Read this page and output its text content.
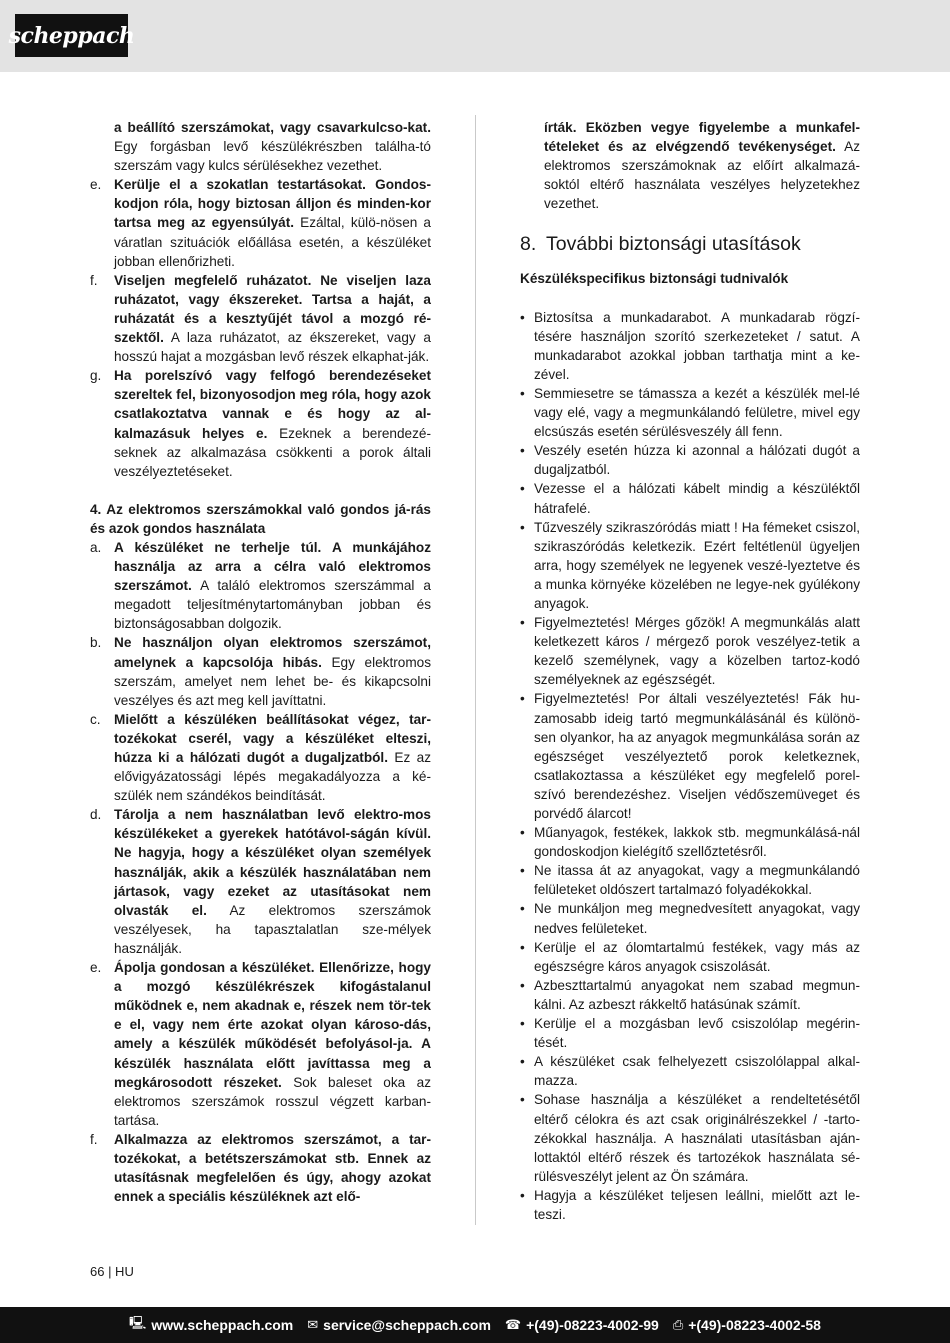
scheppach

a beállító szerszámokat, vagy csavarkulcso-kat. Egy forgásban levő készülékrészben találha-tó szerszám vagy kulcs sérülésekhez vezethet.

e. Kerülje el a szokatlan testartásokat. Gondos-kodjon róla, hogy biztosan álljon és minden-kor tartsa meg az egyensúlyát. Ezáltal, külö-nösen a váratlan szituációk előállása esetén, a készüléket jobban ellenőrizheti.
f.	Viseljen megfelelő ruházatot. Ne viseljen laza ruházatot, vagy ékszereket. Tartsa a haját, a ruházatát és a kesztyűjét távol a mozgó ré-szektől. A laza ruházatot, az ékszereket, vagy a hosszú hajat a mozgásban levő részek elkaphat-ják.
g. Ha porelszívó vagy felfogó berendezéseket szereltek fel, bizonyosodjon meg róla, hogy azok csatlakoztatva vannak e és hogy az al-kalmazásuk helyes e. Ezeknek a berendezé-seknek az alkalmazása csökkenti a porok általi veszélyeztetéseket.

4. Az elektromos szerszámokkal való gondos já-rás és azok gondos használata

a. A készüléket ne terhelje túl. A munkájához használja az arra a célra való elektromos szerszámot. A találó elektromos szerszámmal a megadott teljesítménytartományban jobban és biztonságosabban dolgozik.
b. Ne használjon olyan elektromos szerszámot, amelynek a kapcsolója hibás. Egy elektromos szerszám, amelyet nem lehet be- és kikapcsolni veszélyes és azt meg kell javíttatni.
c. Mielőtt a készüléken beállításokat végez, tar-tozékokat cserél, vagy a készüléket elteszi, húzza ki a hálózati dugót a dugaljzatból. Ez az elővigyázatossági lépés megakadályozza a ké-szülék nem szándékos beindítását.
d. Tárolja a nem használatban levő elektro-mos készülékeket a gyerekek hatótávol-ságán kívül. Ne hagyja, hogy a készüléket olyan személyek használják, akik a készülék használatában nem jártasok, vagy ezeket az utasításokat nem olvasták el. Az elektromos szerszámok veszélyesek, ha tapasztalatlan sze-mélyek használják.
e. Ápolja gondosan a készüléket. Ellenőrizze, hogy a mozgó készülékrészek kifogástalanul működnek e, nem akadnak e, részek nem tör-tek e el, vagy nem érte azokat olyan károso-dás, amely a készülék működését befolyásol-ja. A készülék használata előtt javíttassa meg a megkárosodott részeket. Sok baleset oka az elektromos szerszámok rosszul végzett karban-tartása.
f.	Alkalmazza az elektromos szerszámot, a tar-tozékokat, a betétszerszámokat stb. Ennek az utasításnak megfelelően és úgy, ahogy azokat ennek a speciális készüléknek azt elő-

írták. Eközben vegye figyelembe a munkafel-tételeket és az elvégzendő tevékenységet. Az elektromos szerszámoknak az előírt alkalmazá-soktól eltérő használata veszélyes helyzetekhez vezethet.

8. További biztonsági utasítások

Készülékspecifikus biztonsági tudnivalók

• Biztosítsa a munkadarabot. A munkadarab rögzí-tésére használjon szorító szerkezeteket / satut. A munkadarabot azokkal jobban tarthatja mint a ke-zével.
• Semmiesetre se támassza a kezét a készülék mel-lé vagy elé, vagy a megmunkálandó felületre, mivel egy elcsúszás esetén sérülésveszély áll fenn.
• Veszély esetén húzza ki azonnal a hálózati dugót a dugaljzatból.
• Vezesse el a hálózati kábelt mindig a készüléktől hátrafelé.
• Tűzveszély szikraszóródás miatt ! Ha fémeket csiszol, szikraszóródás keletkezik. Ezért feltétlenül ügyeljen arra, hogy személyek ne legyenek veszé-lyeztetve és a munka környéke közelében ne legye-nek gyúlékony anyagok.
• Figyelmeztetés! Mérges gőzök! A megmunkálás alatt keletkezett káros / mérgező porok veszélyez-tetik a kezelő személynek, vagy a közelben tartoz-kodó személyeknek az egészségét.
• Figyelmeztetés! Por általi veszélyeztetés! Fák hu-zamosabb ideig tartó megmunkálásánál és különö-sen olyankor, ha az anyagok megmunkálása során az egészséget veszélyeztető porok keletkeznek, csatlakoztassa a készüléket egy megfelelő porel-szívó berendezéshez. Viseljen védőszemüveget és porvédő álarcot!
• Műanyagok, festékek, lakkok stb. megmunkálásá-nál gondoskodjon kielégítő szellőztetésről.
• Ne itassa át az anyagokat, vagy a megmunkálandó felületeket oldószert tartalmazó folyadékokkal.
• Ne munkáljon meg megnedvesített anyagokat, vagy nedves felületeket.
• Kerülje el az ólomtartalmú festékek, vagy más az egészségre káros anyagok csiszolását.
• Azbeszttartalmú anyagokat nem szabad megmun-kálni. Az azbeszt rákkeltő hatásúnak számít.
• Kerülje el a mozgásban levő csiszolólap megérin-tését.
• A készüléket csak felhelyezett csiszolólappal alkal-mazza.
• Sohase használja a készüléket a rendeltetésétől eltérő célokra és azt csak originálrészekkel / -tarto-zékokkal használja. A használati utasításban aján-lottaktól eltérő részek és tartozékok használata sé-rülésveszélyt jelent az Ön számára.
• Hagyja a készüléket teljesen leállni, mielőtt azt le-teszi.
66 | HU
🖳 www.scheppach.com ✉ service@scheppach.com ☎ +(49)-08223-4002-99 ⎙ +(49)-08223-4002-58
